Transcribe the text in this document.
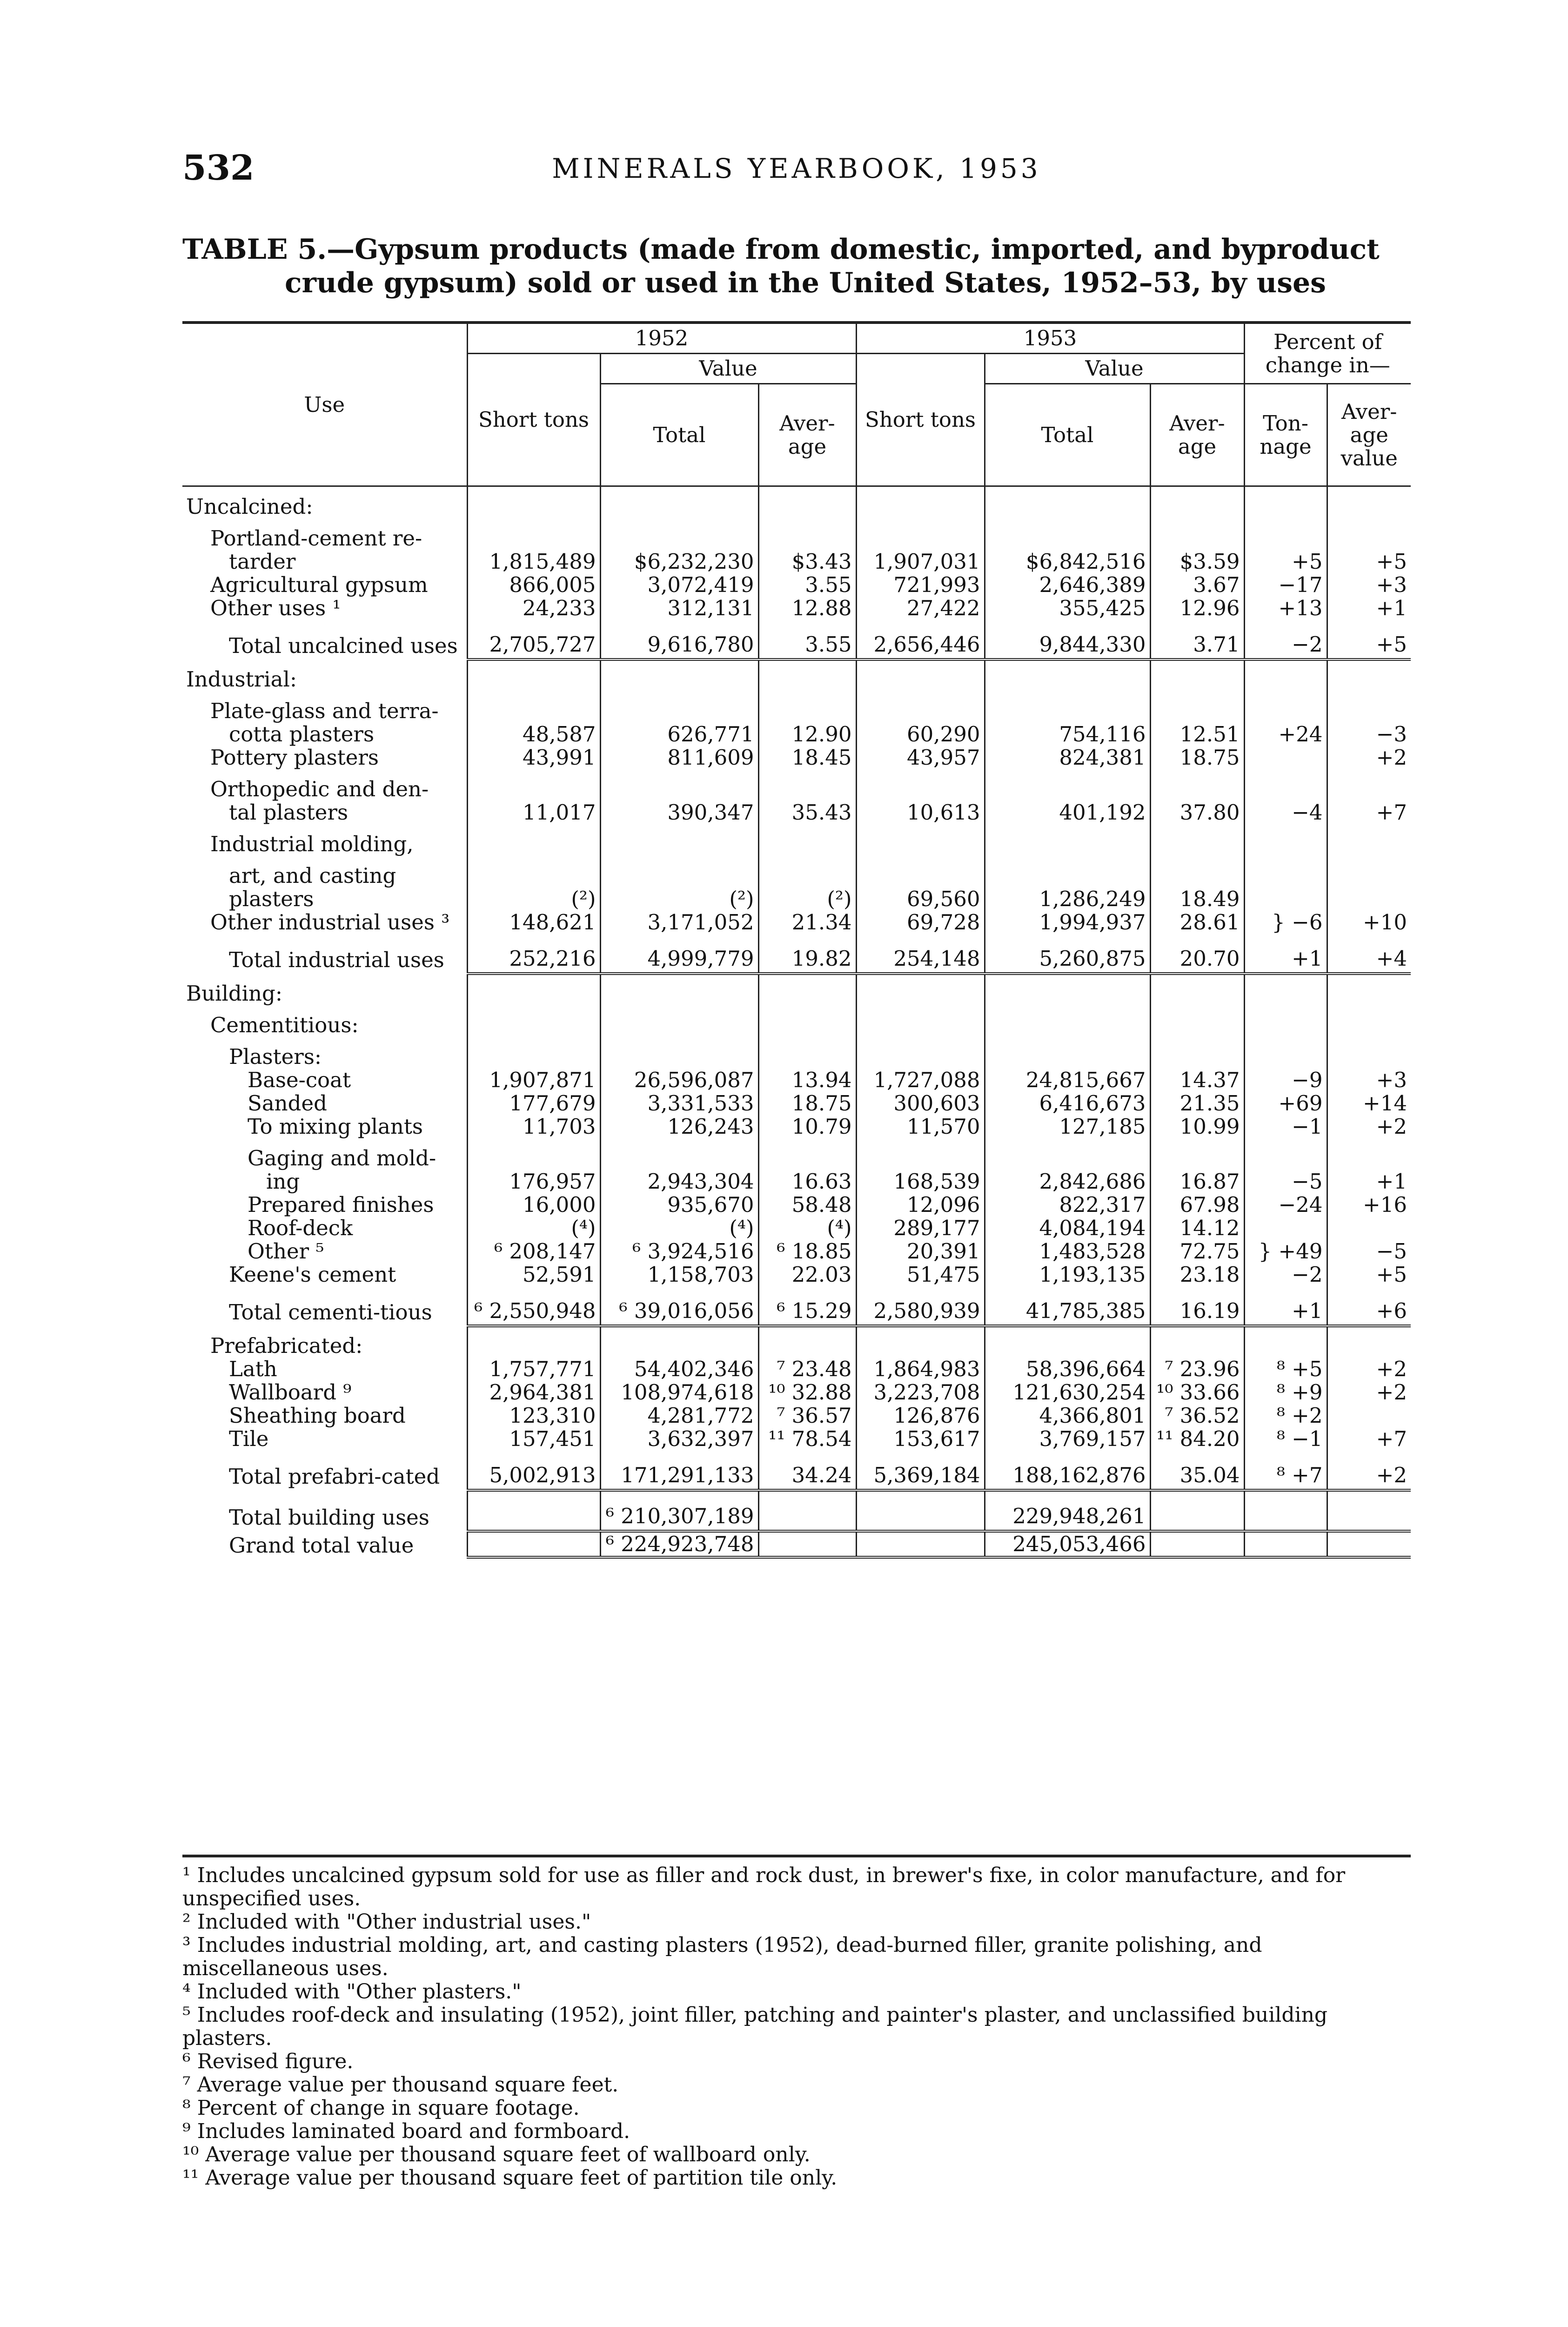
532	MINERALS YEARBOOK, 1953
TABLE 5.—Gypsum products (made from domestic, imported, and byproduct
crude gypsum) sold or used in the United States, 1952–53, by uses
Use	1952			1953			Percent of change in—	
	Short tons	Value		Short tons	Value			
		Total	Aver-age		Total	Aver-age	Ton-nage	Aver-age value
Uncalcined:								
Portland-cement re-								
tarder	1,815,489	$6,232,230	$3.43	1,907,031	$6,842,516	$3.59	+5	+5
Agricultural gypsum	866,005	3,072,419	3.55	721,993	2,646,389	3.67	−17	+3
Other uses ¹	24,233	312,131	12.88	27,422	355,425	12.96	+13	+1
Total uncalcined uses	2,705,727	9,616,780	3.55	2,656,446	9,844,330	3.71	−2	+5
Industrial:								
Plate-glass and terra-								
cotta plasters	48,587	626,771	12.90	60,290	754,116	12.51	+24	−3
Pottery plasters	43,991	811,609	18.45	43,957	824,381	18.75		+2
Orthopedic and den-								
tal plasters	11,017	390,347	35.43	10,613	401,192	37.80	−4	+7
Industrial molding,								
art, and casting								
plasters	(²)	(²)	(²)	69,560	1,286,249	18.49		
Other industrial uses ³	148,621	3,171,052	21.34	69,728	1,994,937	28.61	} −6	+10
Total industrial uses	252,216	4,999,779	19.82	254,148	5,260,875	20.70	+1	+4
Building:								
Cementitious:								
Plasters:								
Base-coat	1,907,871	26,596,087	13.94	1,727,088	24,815,667	14.37	−9	+3
Sanded	177,679	3,331,533	18.75	300,603	6,416,673	21.35	+69	+14
To mixing plants	11,703	126,243	10.79	11,570	127,185	10.99	−1	+2
Gaging and mold-								
ing	176,957	2,943,304	16.63	168,539	2,842,686	16.87	−5	+1
Prepared finishes	16,000	935,670	58.48	12,096	822,317	67.98	−24	+16
Roof-deck	(⁴)	(⁴)	(⁴)	289,177	4,084,194	14.12		
Other ⁵	⁶ 208,147	⁶ 3,924,516	⁶ 18.85	20,391	1,483,528	72.75	} +49	−5
Keene's cement	52,591	1,158,703	22.03	51,475	1,193,135	23.18	−2	+5
Total cementi-tious	⁶ 2,550,948	⁶ 39,016,056	⁶ 15.29	2,580,939	41,785,385	16.19	+1	+6
Prefabricated:								
Lath	1,757,771	54,402,346	⁷ 23.48	1,864,983	58,396,664	⁷ 23.96	⁸ +5	+2
Wallboard ⁹	2,964,381	108,974,618	¹⁰ 32.88	3,223,708	121,630,254	¹⁰ 33.66	⁸ +9	+2
Sheathing board	123,310	4,281,772	⁷ 36.57	126,876	4,366,801	⁷ 36.52	⁸ +2	
Tile	157,451	3,632,397	¹¹ 78.54	153,617	3,769,157	¹¹ 84.20	⁸ −1	+7
Total prefabri-cated	5,002,913	171,291,133	34.24	5,369,184	188,162,876	35.04	⁸ +7	+2
Total building uses		⁶ 210,307,189			229,948,261			
Grand total value		⁶ 224,923,748			245,053,466			
¹ Includes uncalcined gypsum sold for use as filler and rock dust, in brewer's fixe, in color manufacture, and for unspecified uses.
² Included with "Other industrial uses."
³ Includes industrial molding, art, and casting plasters (1952), dead-burned filler, granite polishing, and miscellaneous uses.
⁴ Included with "Other plasters."
⁵ Includes roof-deck and insulating (1952), joint filler, patching and painter's plaster, and unclassified building plasters.
⁶ Revised figure.
⁷ Average value per thousand square feet.
⁸ Percent of change in square footage.
⁹ Includes laminated board and formboard.
¹⁰ Average value per thousand square feet of wallboard only.
¹¹ Average value per thousand square feet of partition tile only.
